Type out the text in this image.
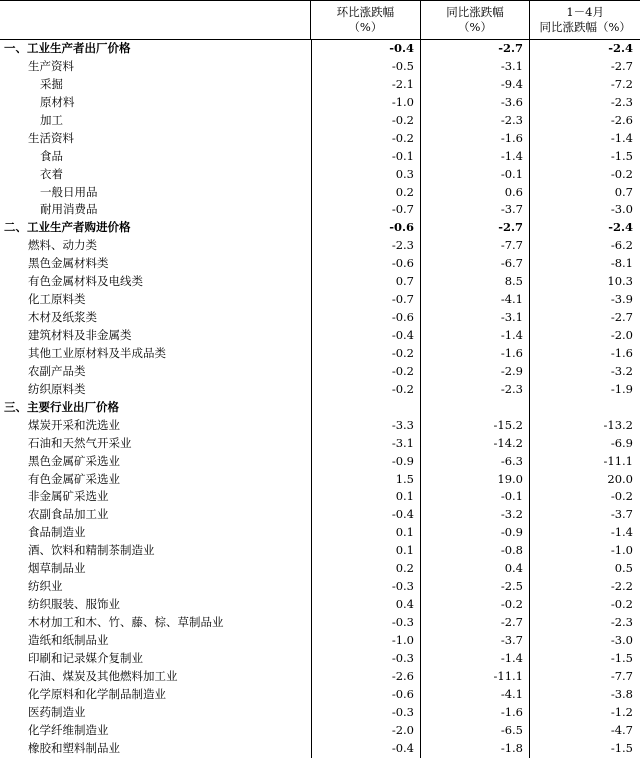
环比涨跌幅
（%）
同比涨跌幅
（%）
1－4月
同比涨跌幅（%）
一、工业生产者出厂价格	-0.4	-2.7	-2.4
生产资料	-0.5	-3.1	-2.7
采掘	-2.1	-9.4	-7.2
原材料	-1.0	-3.6	-2.3
加工	-0.2	-2.3	-2.6
生活资料	-0.2	-1.6	-1.4
食品	-0.1	-1.4	-1.5
衣着	0.3	-0.1	-0.2
一般日用品	0.2	0.6	0.7
耐用消费品	-0.7	-3.7	-3.0
二、工业生产者购进价格	-0.6	-2.7	-2.4
燃料、动力类	-2.3	-7.7	-6.2
黑色金属材料类	-0.6	-6.7	-8.1
有色金属材料及电线类	0.7	8.5	10.3
化工原料类	-0.7	-4.1	-3.9
木材及纸浆类	-0.6	-3.1	-2.7
建筑材料及非金属类	-0.4	-1.4	-2.0
其他工业原材料及半成品类	-0.2	-1.6	-1.6
农副产品类	-0.2	-2.9	-3.2
纺织原料类	-0.2	-2.3	-1.9
三、主要行业出厂价格
煤炭开采和洗选业	-3.3	-15.2	-13.2
石油和天然气开采业	-3.1	-14.2	-6.9
黑色金属矿采选业	-0.9	-6.3	-11.1
有色金属矿采选业	1.5	19.0	20.0
非金属矿采选业	0.1	-0.1	-0.2
农副食品加工业	-0.4	-3.2	-3.7
食品制造业	0.1	-0.9	-1.4
酒、饮料和精制茶制造业	0.1	-0.8	-1.0
烟草制品业	0.2	0.4	0.5
纺织业	-0.3	-2.5	-2.2
纺织服装、服饰业	0.4	-0.2	-0.2
木材加工和木、竹、藤、棕、草制品业	-0.3	-2.7	-2.3
造纸和纸制品业	-1.0	-3.7	-3.0
印刷和记录媒介复制业	-0.3	-1.4	-1.5
石油、煤炭及其他燃料加工业	-2.6	-11.1	-7.7
化学原料和化学制品制造业	-0.6	-4.1	-3.8
医药制造业	-0.3	-1.6	-1.2
化学纤维制造业	-2.0	-6.5	-4.7
橡胶和塑料制品业	-0.4	-1.8	-1.5
